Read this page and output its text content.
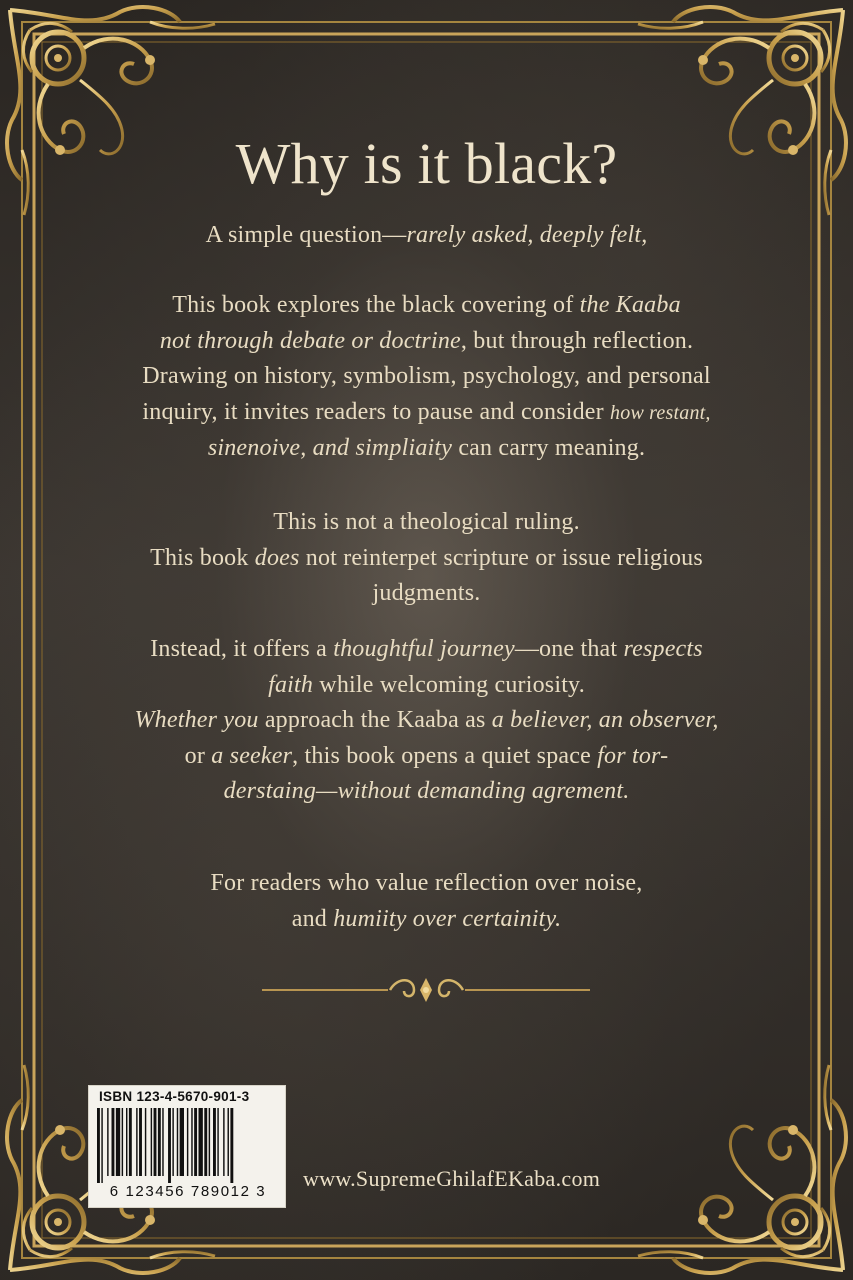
Why is it black?
A simple question—rarely asked, deeply felt,
This book explores the black covering of the Kaaba
not through debate or doctrine, but through reflection.
Drawing on history, symbolism, psychology, and personal
inquiry, it invites readers to pause and consider how restant,
sinenoive, and simpliaity can carry meaning.
This is not a theological ruling.
This book does not reinterpet scripture or issue religious
judgments.
Instead, it offers a thoughtful journey—one that respects
faith while welcoming curiosity.
Whether you approach the Kaaba as a believer, an observer,
or a seeker, this book opens a quiet space for tor-
derstaing—without demanding agrement.
For readers who value reflection over noise,
and humiity over certainity.
ISBN 123-4-5670-901-3
6 123456 789012 3
www.SupremeGhilafEKaba.com
